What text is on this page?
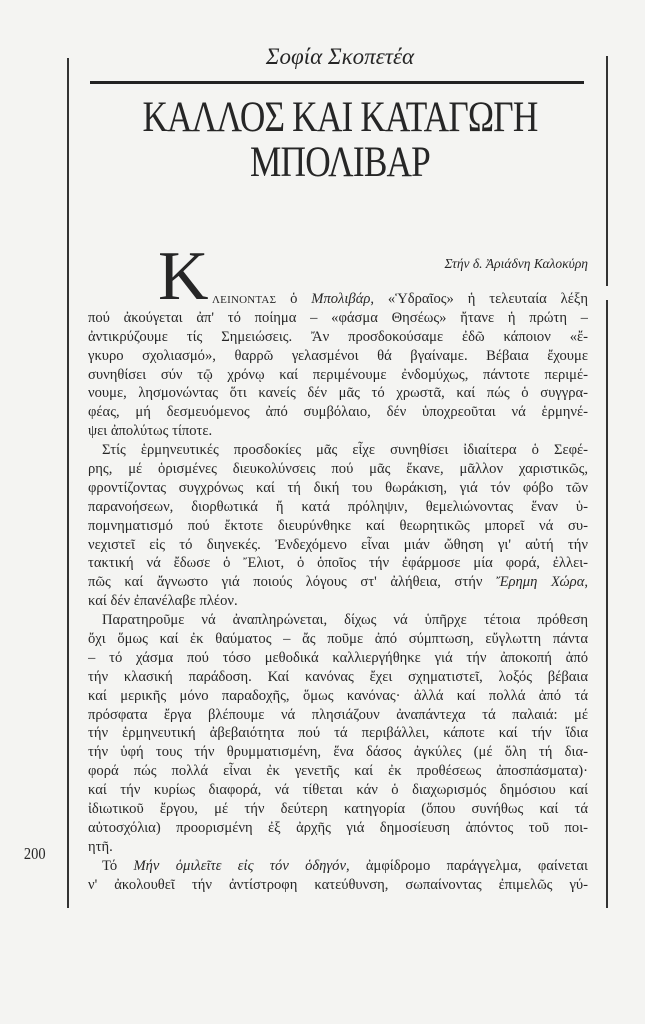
Σοφία Σκοπετέα
ΚΑΛΛΟΣ ΚΑΙ ΚΑΤΑΓΩΓΗ
ΜΠΟΛΙΒΑΡ
Στήν δ. Ἀριάδνη Καλοκύρη
Κ ΛΕΙΝΟΝΤΑΣ ὁ Μπολιβάρ, «Ὑδραῖος» ἡ τελευταία λέξη
πού ἀκούγεται ἀπ' τό ποίημα – «φάσμα Θησέως» ἤτανε ἡ πρώτη –
ἀντικρύζουμε τίς Σημειώσεις. Ἄν προσδοκούσαμε ἐδῶ κάποιον «ἔ-
γκυρο σχολιασμό», θαρρῶ γελασμένοι θά βγαίναμε. Βέβαια ἔχουμε
συνηθίσει σύν τῷ χρόνῳ καί περιμένουμε ἐνδομύχως, πάντοτε περιμέ-
νουμε, λησμονώντας ὅτι κανείς δέν μᾶς τό χρωστᾶ, καί πώς ὁ συγγρα-
φέας, μή δεσμευόμενος ἀπό συμβόλαιο, δέν ὑποχρεοῦται νά ἑρμηνέ-
ψει ἀπολύτως τίποτε.
Στίς ἑρμηνευτικές προσδοκίες μᾶς εἶχε συνηθίσει ἰδιαίτερα ὁ Σεφέ-
ρης, μέ ὁρισμένες διευκολύνσεις πού μᾶς ἔκανε, μᾶλλον χαριστικῶς,
φροντίζοντας συγχρόνως καί τή δική του θωράκιση, γιά τόν φόβο τῶν
παρανοήσεων, διορθωτικά ἤ κατά πρόληψιν, θεμελιώνοντας ἕναν ὑ-
πομνηματισμό πού ἔκτοτε διευρύνθηκε καί θεωρητικῶς μπορεῖ νά συ-
νεχιστεῖ εἰς τό διηνεκές. Ἐνδεχόμενο εἶναι μιάν ὤθηση γι' αὐτή τήν
τακτική νά ἔδωσε ὁ Ἔλιοτ, ὁ ὁποῖος τήν ἐφάρμοσε μία φορά, ἐλλει-
πῶς καί ἄγνωστο γιά ποιούς λόγους στ' ἀλήθεια, στήν Ἔρημη Χώρα,
καί δέν ἐπανέλαβε πλέον.
Παρατηροῦμε νά ἀναπληρώνεται, δίχως νά ὑπῆρχε τέτοια πρόθεση
ὄχι ὅμως καί ἐκ θαύματος – ἄς ποῦμε ἀπό σύμπτωση, εὔγλωττη πάντα
– τό χάσμα πού τόσο μεθοδικά καλλιεργήθηκε γιά τήν ἀποκοπή ἀπό
τήν κλασική παράδοση. Καί κανόνας ἔχει σχηματιστεῖ, λοξός βέβαια
καί μερικῆς μόνο παραδοχῆς, ὅμως κανόνας· ἀλλά καί πολλά ἀπό τά
πρόσφατα ἔργα βλέπουμε νά πλησιάζουν ἀναπάντεχα τά παλαιά: μέ
τήν ἑρμηνευτική ἀβεβαιότητα πού τά περιβάλλει, κάποτε καί τήν ἴδια
τήν ὑφή τους τήν θρυμματισμένη, ἕνα δάσος ἀγκύλες (μέ ὅλη τή δια-
φορά πώς πολλά εἶναι ἐκ γενετῆς καί ἐκ προθέσεως ἀποσπάσματα)·
καί τήν κυρίως διαφορά, νά τίθεται κάν ὁ διαχωρισμός δημόσιου καί
ἰδιωτικοῦ ἔργου, μέ τήν δεύτερη κατηγορία (ὅπου συνήθως καί τά
αὐτοσχόλια) προορισμένη ἐξ ἀρχῆς γιά δημοσίευση ἀπόντος τοῦ ποι-
ητῆ.
Τό Μήν ὁμιλεῖτε εἰς τόν ὁδηγόν, ἀμφίδρομο παράγγελμα, φαίνεται
ν' ἀκολουθεῖ τήν ἀντίστροφη κατεύθυνση, σωπαίνοντας ἐπιμελῶς γύ-
200
